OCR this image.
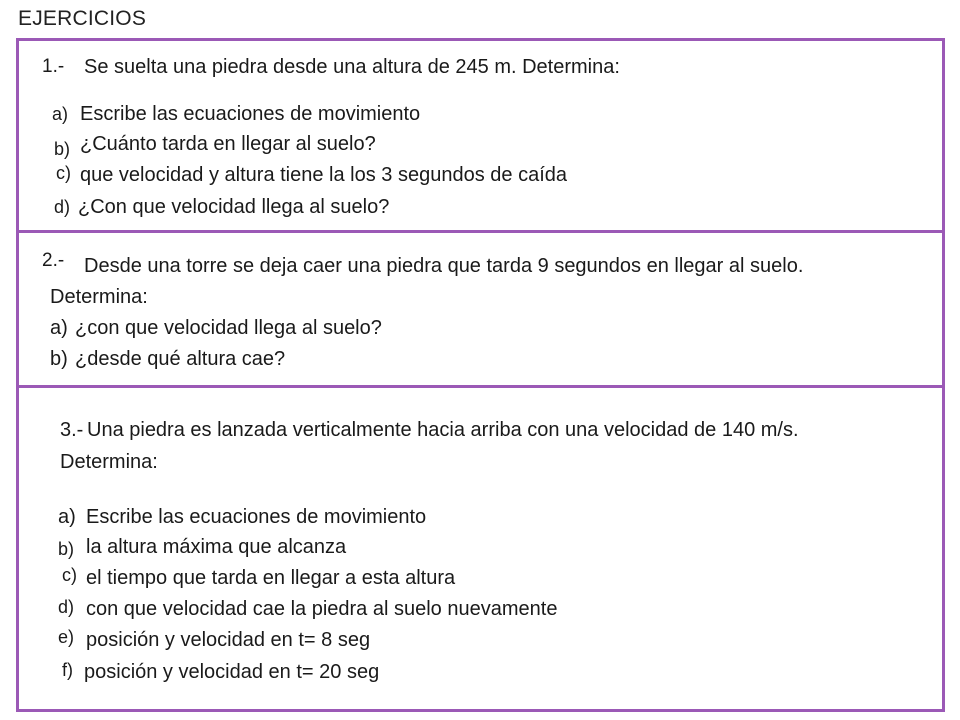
EJERCICIOS
1.- Se suelta una piedra desde una altura de 245 m. Determina:
a) Escribe las ecuaciones de movimiento
b) ¿Cuánto tarda en llegar al suelo?
c) que velocidad y altura tiene la los 3 segundos de caída
d) ¿Con que velocidad llega al suelo?
2.- Desde una torre se deja caer una piedra que tarda 9 segundos en llegar al suelo.
Determina:
a) ¿con que velocidad llega al suelo?
b) ¿desde qué altura cae?
3.- Una piedra es lanzada verticalmente hacia arriba con una velocidad de 140 m/s.
Determina:
a) Escribe las ecuaciones de movimiento
b) la altura máxima que alcanza
c) el tiempo que tarda en llegar a esta altura
d) con que velocidad cae la piedra al suelo nuevamente
e) posición y velocidad en t= 8 seg
f) posición y velocidad en t= 20 seg
